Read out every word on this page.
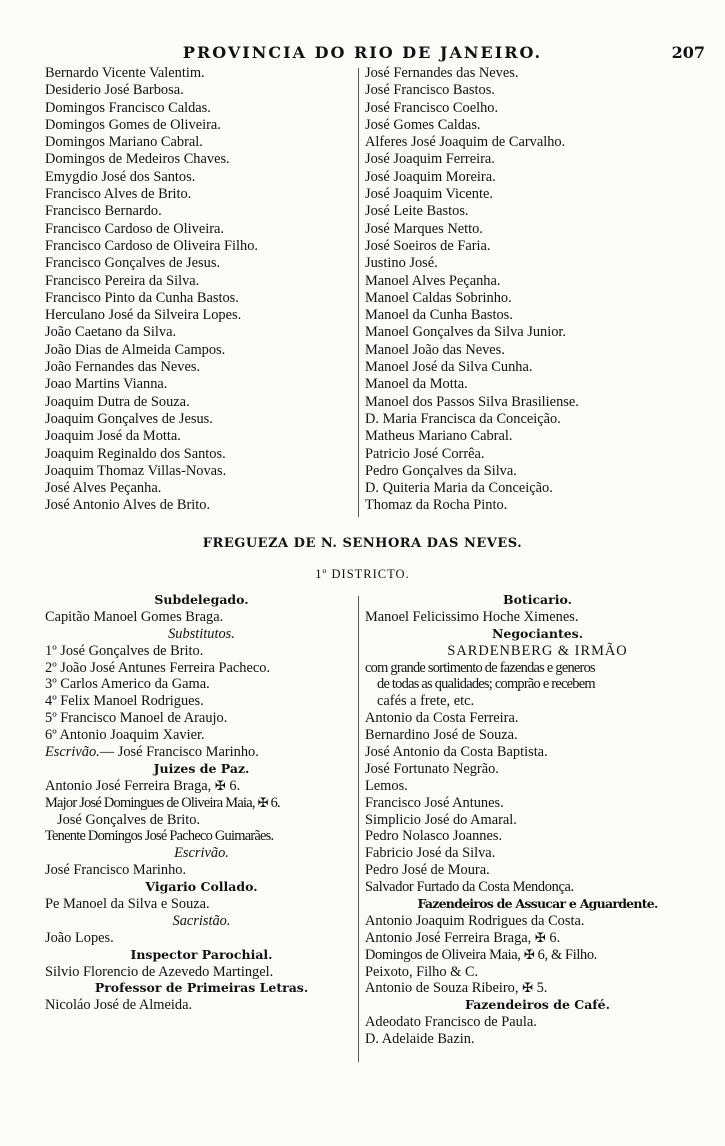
PROVINCIA DO RIO DE JANEIRO.	207
Bernardo Vicente Valentim.
Desiderio José Barbosa.
Domingos Francisco Caldas.
Domingos Gomes de Oliveira.
Domingos Mariano Cabral.
Domingos de Medeiros Chaves.
Emygdio José dos Santos.
Francisco Alves de Brito.
Francisco Bernardo.
Francisco Cardoso de Oliveira.
Francisco Cardoso de Oliveira Filho.
Francisco Gonçalves de Jesus.
Francisco Pereira da Silva.
Francisco Pinto da Cunha Bastos.
Herculano José da Silveira Lopes.
João Caetano da Silva.
João Dias de Almeida Campos.
João Fernandes das Neves.
Joao Martins Vianna.
Joaquim Dutra de Souza.
Joaquim Gonçalves de Jesus.
Joaquim José da Motta.
Joaquim Reginaldo dos Santos.
Joaquim Thomaz Villas-Novas.
José Alves Peçanha.
José Antonio Alves de Brito.
José Fernandes das Neves.
José Francisco Bastos.
José Francisco Coelho.
José Gomes Caldas.
Alferes José Joaquim de Carvalho.
José Joaquim Ferreira.
José Joaquim Moreira.
José Joaquim Vicente.
José Leite Bastos.
José Marques Netto.
José Soeiros de Faria.
Justino José.
Manoel Alves Peçanha.
Manoel Caldas Sobrinho.
Manoel da Cunha Bastos.
Manoel Gonçalves da Silva Junior.
Manoel João das Neves.
Manoel José da Silva Cunha.
Manoel da Motta.
Manoel dos Passos Silva Brasiliense.
D. Maria Francisca da Conceição.
Matheus Mariano Cabral.
Patricio José Corrêa.
Pedro Gonçalves da Silva.
D. Quiteria Maria da Conceição.
Thomaz da Rocha Pinto.
FREGUEZA DE N. SENHORA DAS NEVES.
1º DISTRICTO.
Subdelegado.
Capitão Manoel Gomes Braga.
Substitutos.
1º José Gonçalves de Brito.
2º João José Antunes Ferreira Pacheco.
3º Carlos Americo da Gama.
4º Felix Manoel Rodrigues.
5º Francisco Manoel de Araujo.
6º Antonio Joaquim Xavier.
Escrivão.— José Francisco Marinho.
Juizes de Paz.
Antonio José Ferreira Braga, ✠ 6.
Major José Domingues de Oliveira Maia, ✠ 6.
José Gonçalves de Brito.
Tenente Domingos José Pacheco Guimarães.
Escrivão.
José Francisco Marinho.
Vigario Collado.
Pe Manoel da Silva e Souza.
Sacristão.
João Lopes.
Inspector Parochial.
Silvio Florencio de Azevedo Martingel.
Professor de Primeiras Letras.
Nicoláo José de Almeida.
Boticario.
Manoel Felicissimo Hoche Ximenes.
Negociantes.
SARDENBERG & IRMÃO
com grande sortimento de fazendas e generos
de todas as qualidades; comprão e recebem
cafés a frete, etc.
Antonio da Costa Ferreira.
Bernardino José de Souza.
José Antonio da Costa Baptista.
José Fortunato Negrão.
Lemos.
Francisco José Antunes.
Simplicio José do Amaral.
Pedro Nolasco Joannes.
Fabricio José da Silva.
Pedro José de Moura.
Salvador Furtado da Costa Mendonça.
Fazendeiros de Assucar e Aguardente.
Antonio Joaquim Rodrigues da Costa.
Antonio José Ferreira Braga, ✠ 6.
Domingos de Oliveira Maia, ✠ 6, & Filho.
Peixoto, Filho & C.
Antonio de Souza Ribeiro, ✠ 5.
Fazendeiros de Café.
Adeodato Francisco de Paula.
D. Adelaide Bazin.
